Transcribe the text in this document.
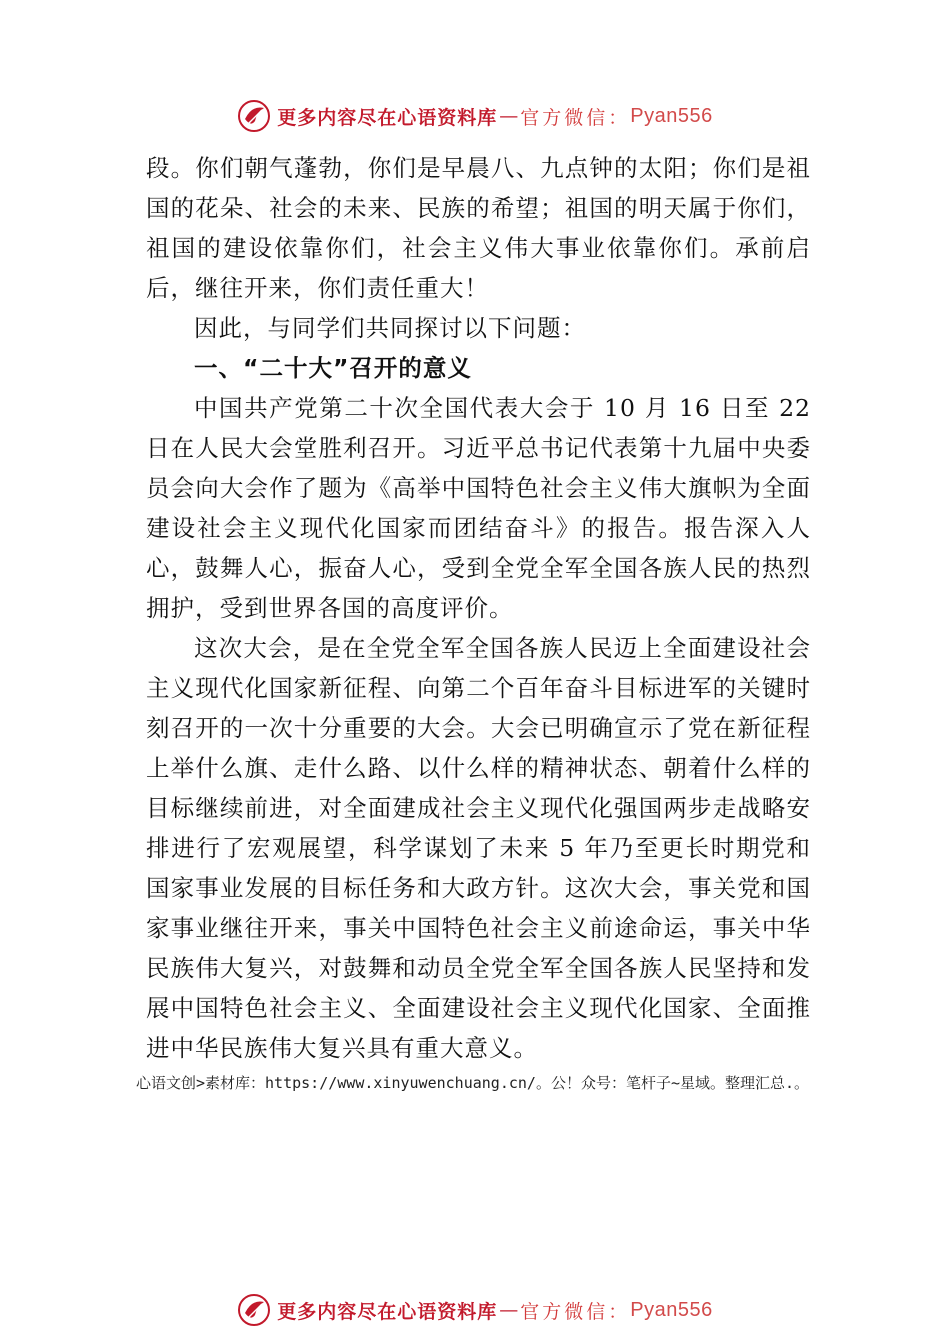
更多内容尽在心语资料库 — 官方微信： Pyan556

段。你们朝气蓬勃，你们是早晨八、九点钟的太阳；你们是祖国的花朵、社会的未来、民族的希望；祖国的明天属于你们，祖国的建设依靠你们，社会主义伟大事业依靠你们。承前启后，继往开来，你们责任重大！

因此，与同学们共同探讨以下问题：

一、“二十大”召开的意义

中国共产党第二十次全国代表大会于 10 月 16 日至 22 日在人民大会堂胜利召开。习近平总书记代表第十九届中央委员会向大会作了题为《高举中国特色社会主义伟大旗帜为全面建设社会主义现代化国家而团结奋斗》的报告。报告深入人心，鼓舞人心，振奋人心，受到全党全军全国各族人民的热烈拥护，受到世界各国的高度评价。

这次大会，是在全党全军全国各族人民迈上全面建设社会主义现代化国家新征程、向第二个百年奋斗目标进军的关键时刻召开的一次十分重要的大会。大会已明确宣示了党在新征程上举什么旗、走什么路、以什么样的精神状态、朝着什么样的目标继续前进，对全面建成社会主义现代化强国两步走战略安排进行了宏观展望，科学谋划了未来 5 年乃至更长时期党和国家事业发展的目标任务和大政方针。这次大会，事关党和国家事业继往开来，事关中国特色社会主义前途命运，事关中华民族伟大复兴，对鼓舞和动员全党全军全国各族人民坚持和发展中国特色社会主义、全面建设社会主义现代化国家、全面推进中华民族伟大复兴具有重大意义。

心语文创>素材库：https://www.xinyuwenchuang.cn/。公！众号：笔杆子~星域。整理汇总.。
更多内容尽在心语资料库 — 官方微信： Pyan556
